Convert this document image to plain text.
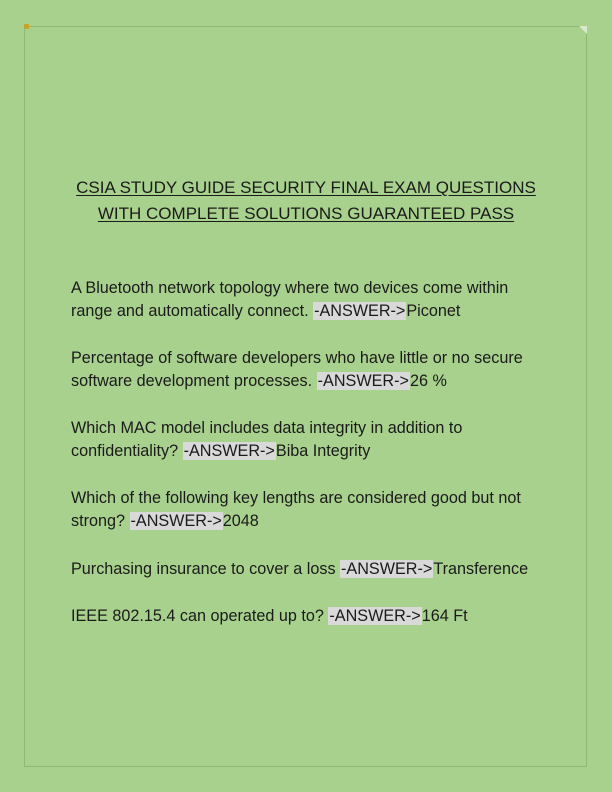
CSIA STUDY GUIDE SECURITY FINAL EXAM QUESTIONS
WITH COMPLETE SOLUTIONS GUARANTEED PASS
A Bluetooth network topology where two devices come within range and automatically connect. -ANSWER->Piconet
Percentage of software developers who have little or no secure software development processes. -ANSWER->26 %
Which MAC model includes data integrity in addition to confidentiality? -ANSWER->Biba Integrity
Which of the following key lengths are considered good but not strong? -ANSWER->2048
Purchasing insurance to cover a loss -ANSWER->Transference
IEEE 802.15.4 can operated up to? -ANSWER->164 Ft
